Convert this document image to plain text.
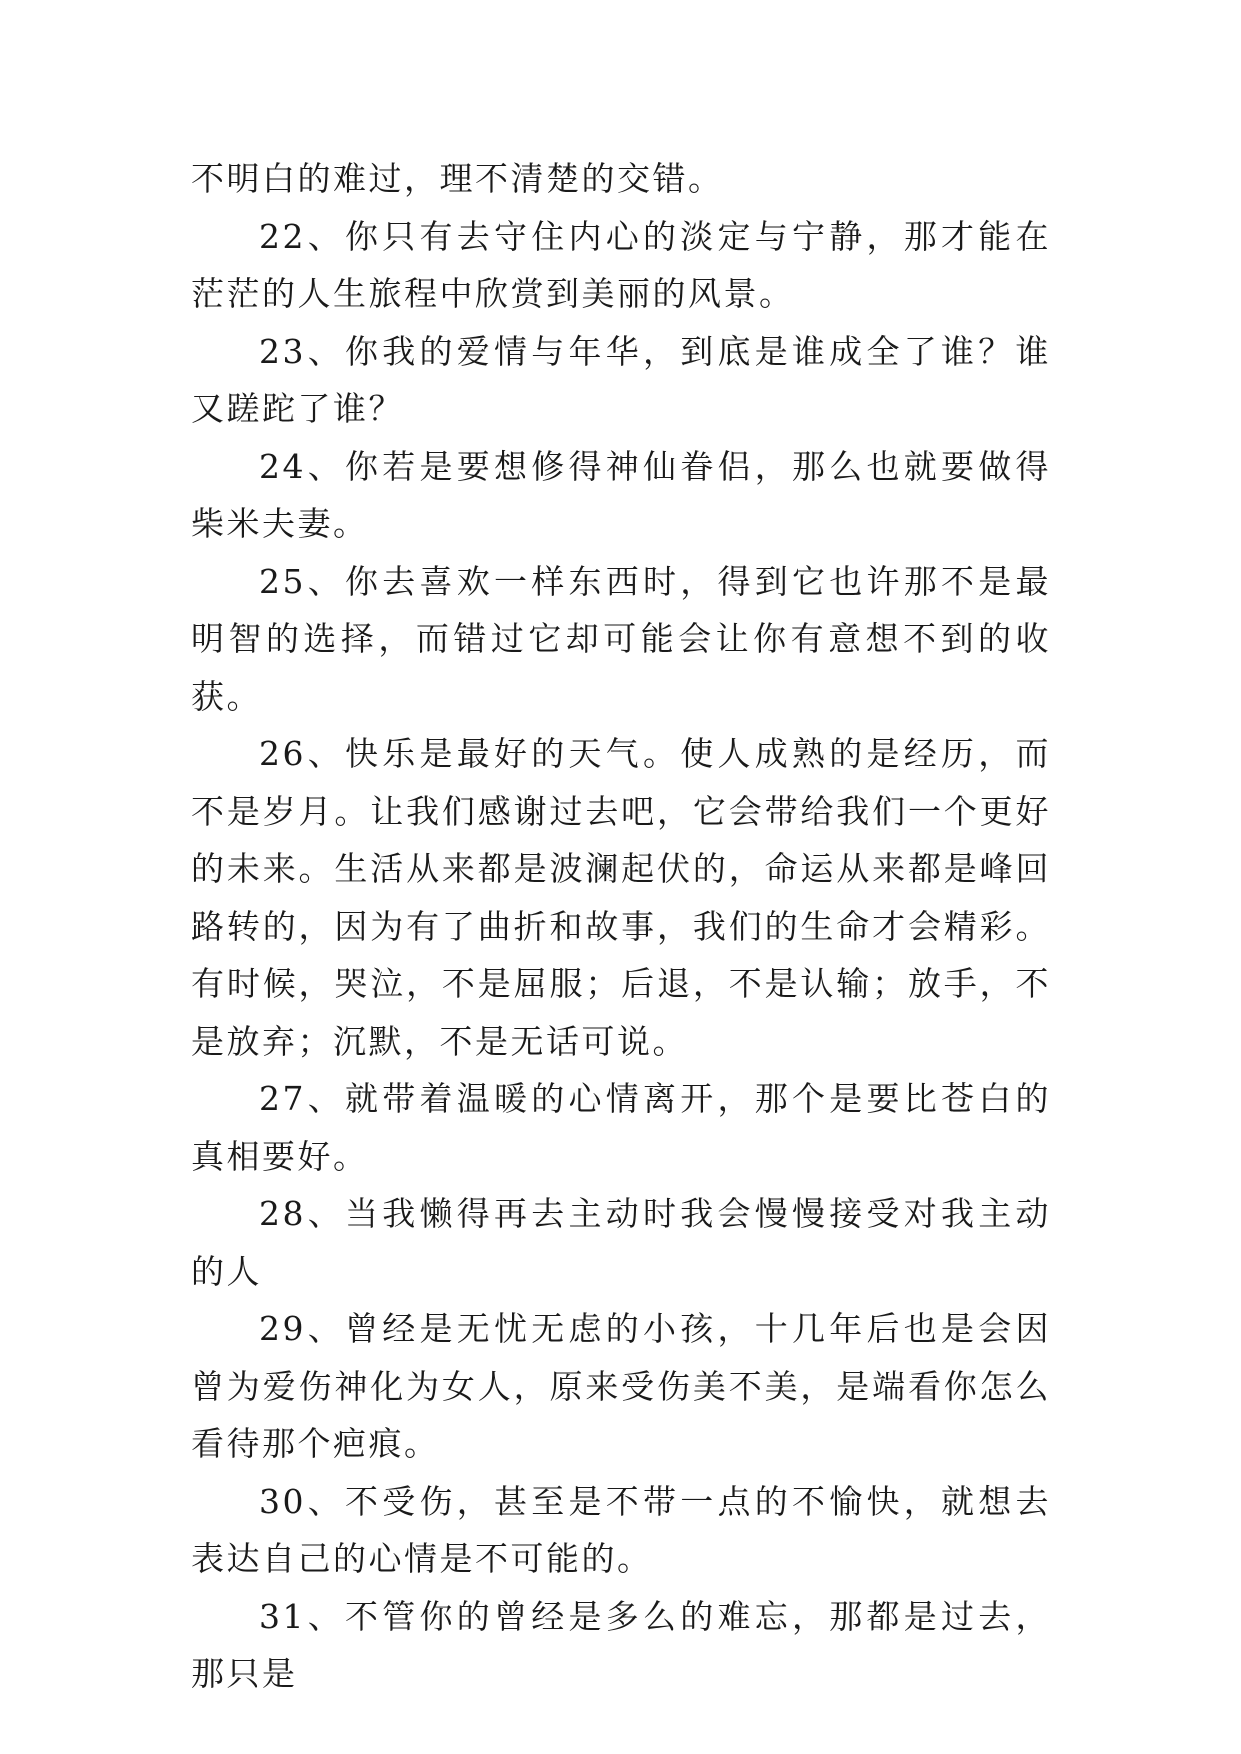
不明白的难过，理不清楚的交错。

22、你只有去守住内心的淡定与宁静，那才能在茫茫的人生旅程中欣赏到美丽的风景。

23、你我的爱情与年华，到底是谁成全了谁？谁又蹉跎了谁？

24、你若是要想修得神仙眷侣，那么也就要做得柴米夫妻。

25、你去喜欢一样东西时，得到它也许那不是最明智的选择，而错过它却可能会让你有意想不到的收获。

26、快乐是最好的天气。使人成熟的是经历，而不是岁月。让我们感谢过去吧，它会带给我们一个更好的未来。生活从来都是波澜起伏的，命运从来都是峰回路转的，因为有了曲折和故事，我们的生命才会精彩。有时候，哭泣，不是屈服；后退，不是认输；放手，不是放弃；沉默，不是无话可说。

27、就带着温暖的心情离开，那个是要比苍白的真相要好。

28、当我懒得再去主动时我会慢慢接受对我主动的人

29、曾经是无忧无虑的小孩，十几年后也是会因曾为爱伤神化为女人，原来受伤美不美，是端看你怎么看待那个疤痕。

30、不受伤，甚至是不带一点的不愉快，就想去表达自己的心情是不可能的。

31、不管你的曾经是多么的难忘，那都是过去，那只是
